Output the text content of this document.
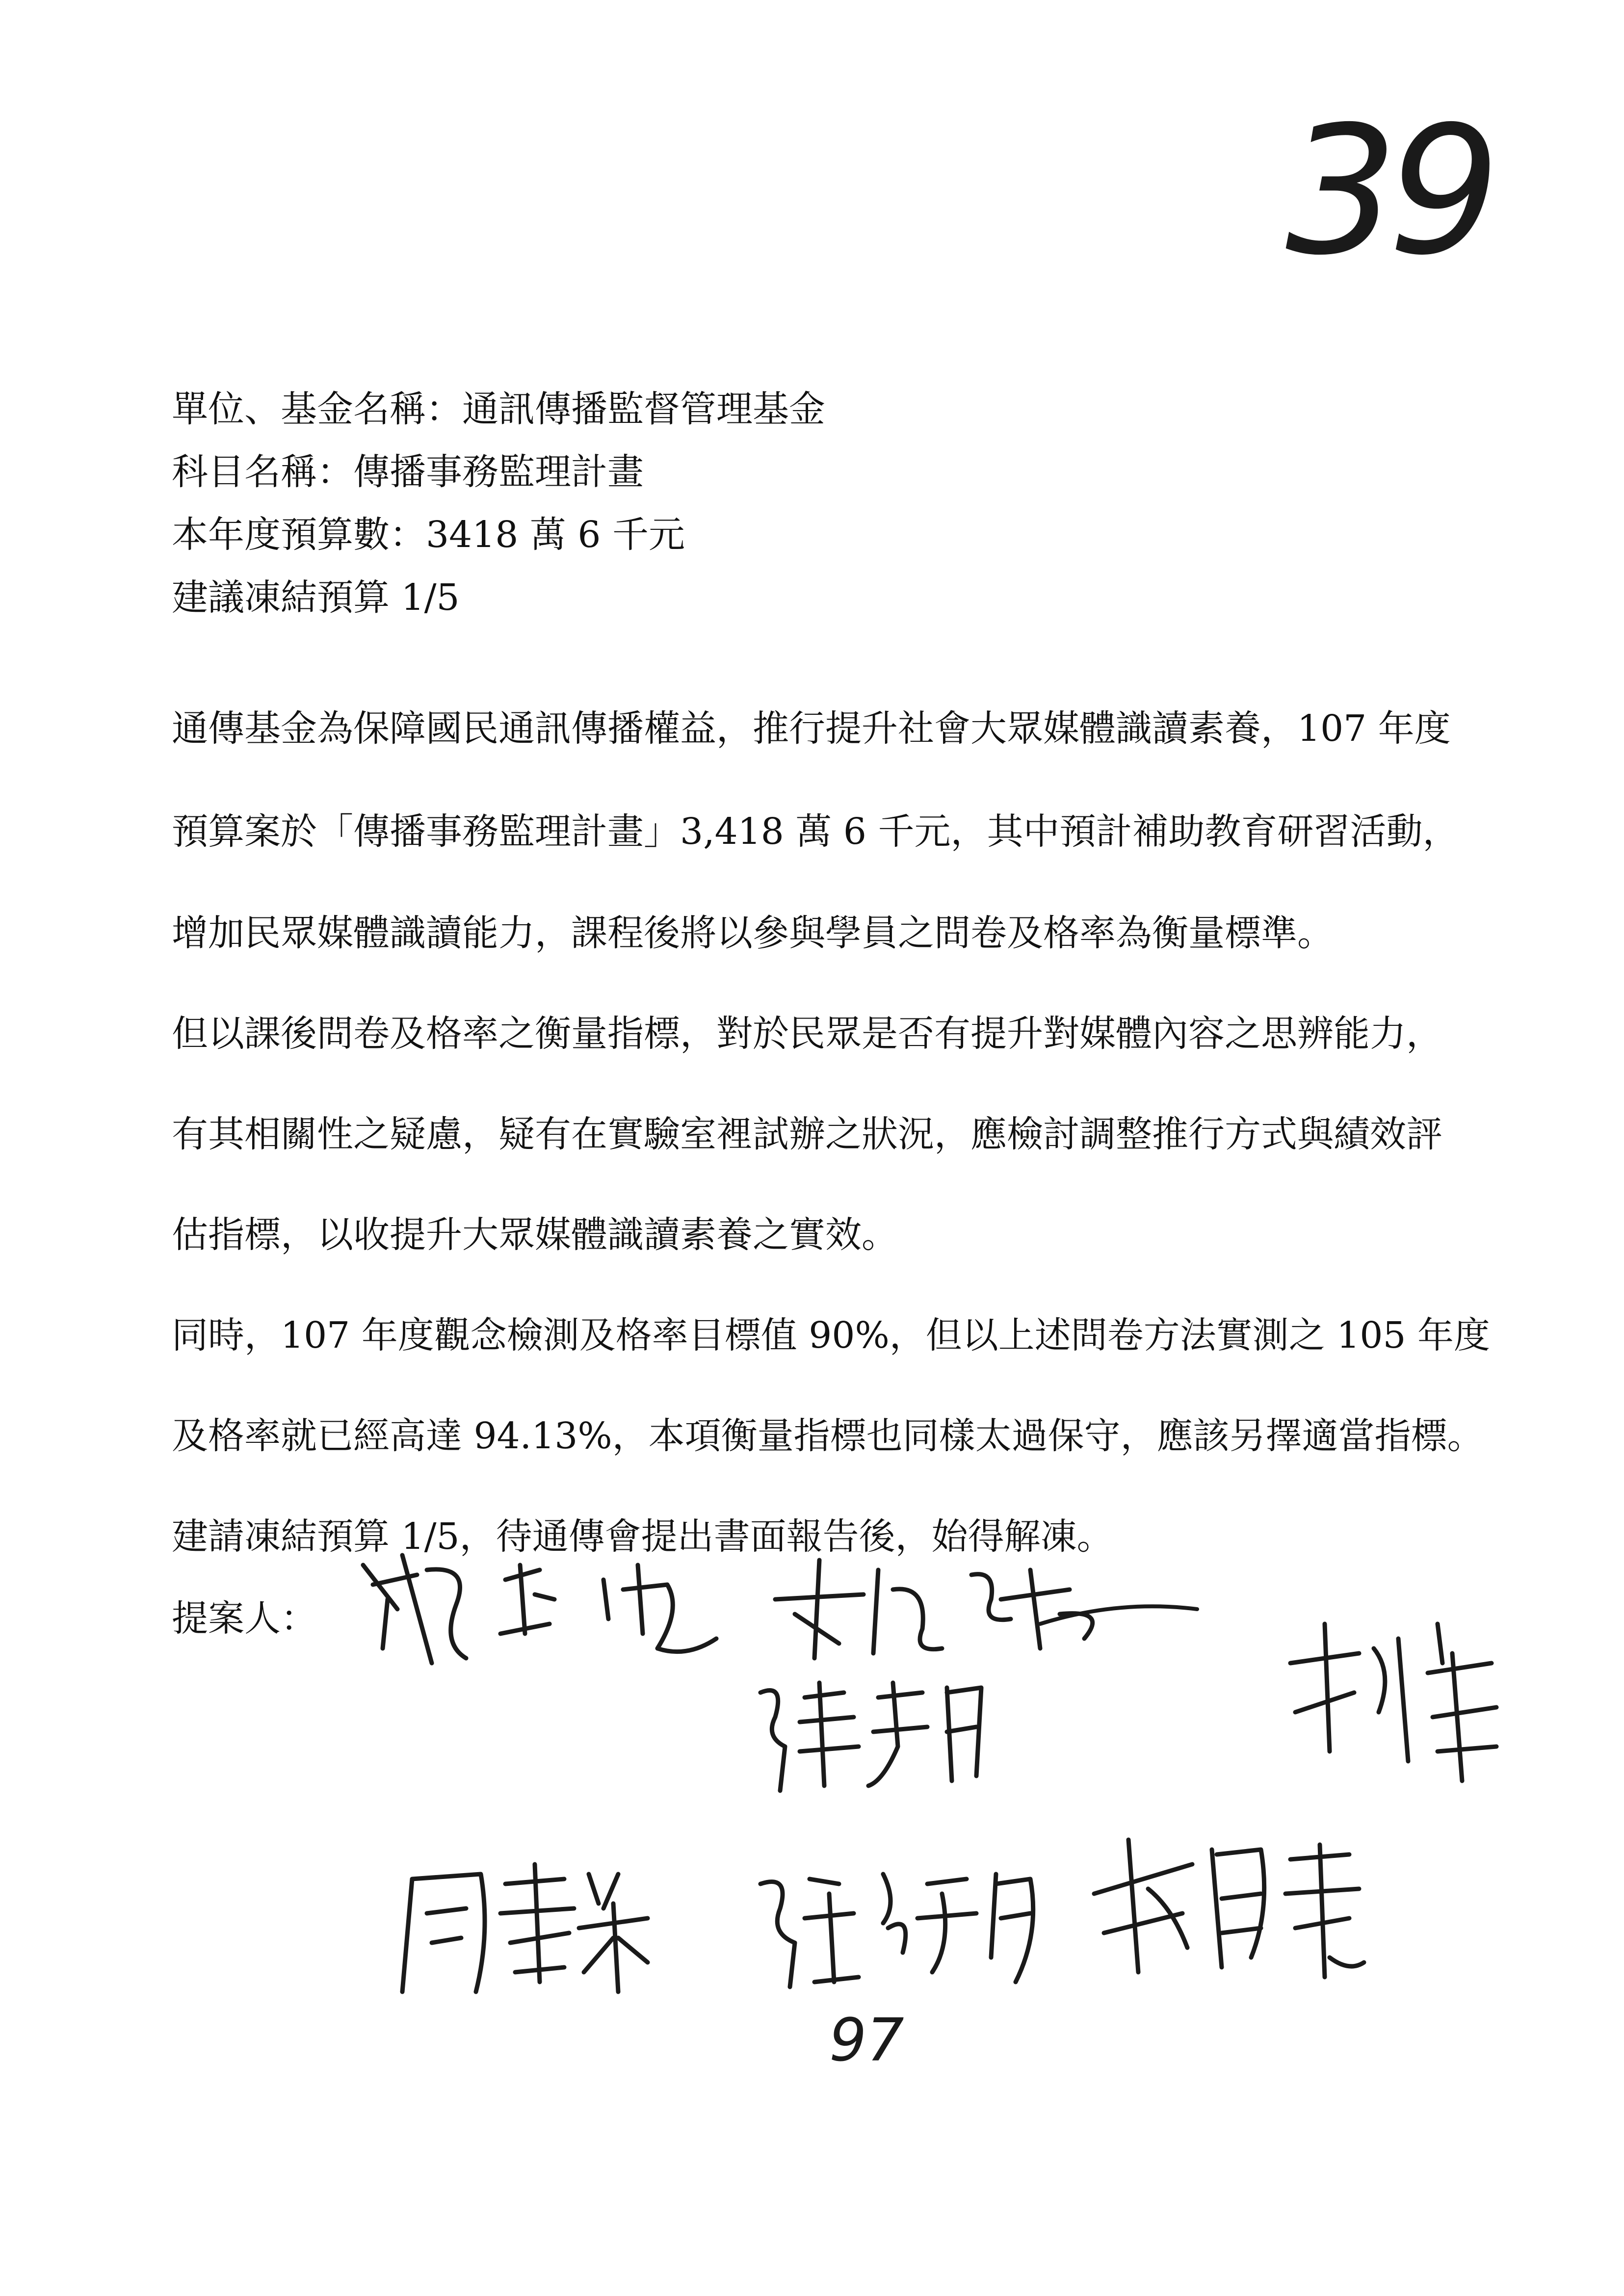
39
單位、基金名稱：通訊傳播監督管理基金
科目名稱：傳播事務監理計畫
本年度預算數：3418 萬 6 千元
建議凍結預算 1/5
通傳基金為保障國民通訊傳播權益，推行提升社會大眾媒體識讀素養，107 年度
預算案於「傳播事務監理計畫」3,418 萬 6 千元，其中預計補助教育研習活動，
增加民眾媒體識讀能力，課程後將以參與學員之問卷及格率為衡量標準。
但以課後問卷及格率之衡量指標，對於民眾是否有提升對媒體內容之思辨能力，
有其相關性之疑慮，疑有在實驗室裡試辦之狀況，應檢討調整推行方式與績效評
估指標，以收提升大眾媒體識讀素養之實效。
同時，107 年度觀念檢測及格率目標值 90%，但以上述問卷方法實測之 105 年度
及格率就已經高達 94.13%，本項衡量指標也同樣太過保守，應該另擇適當指標。
建請凍結預算 1/5，待通傳會提出書面報告後，始得解凍。
提案人：
97
